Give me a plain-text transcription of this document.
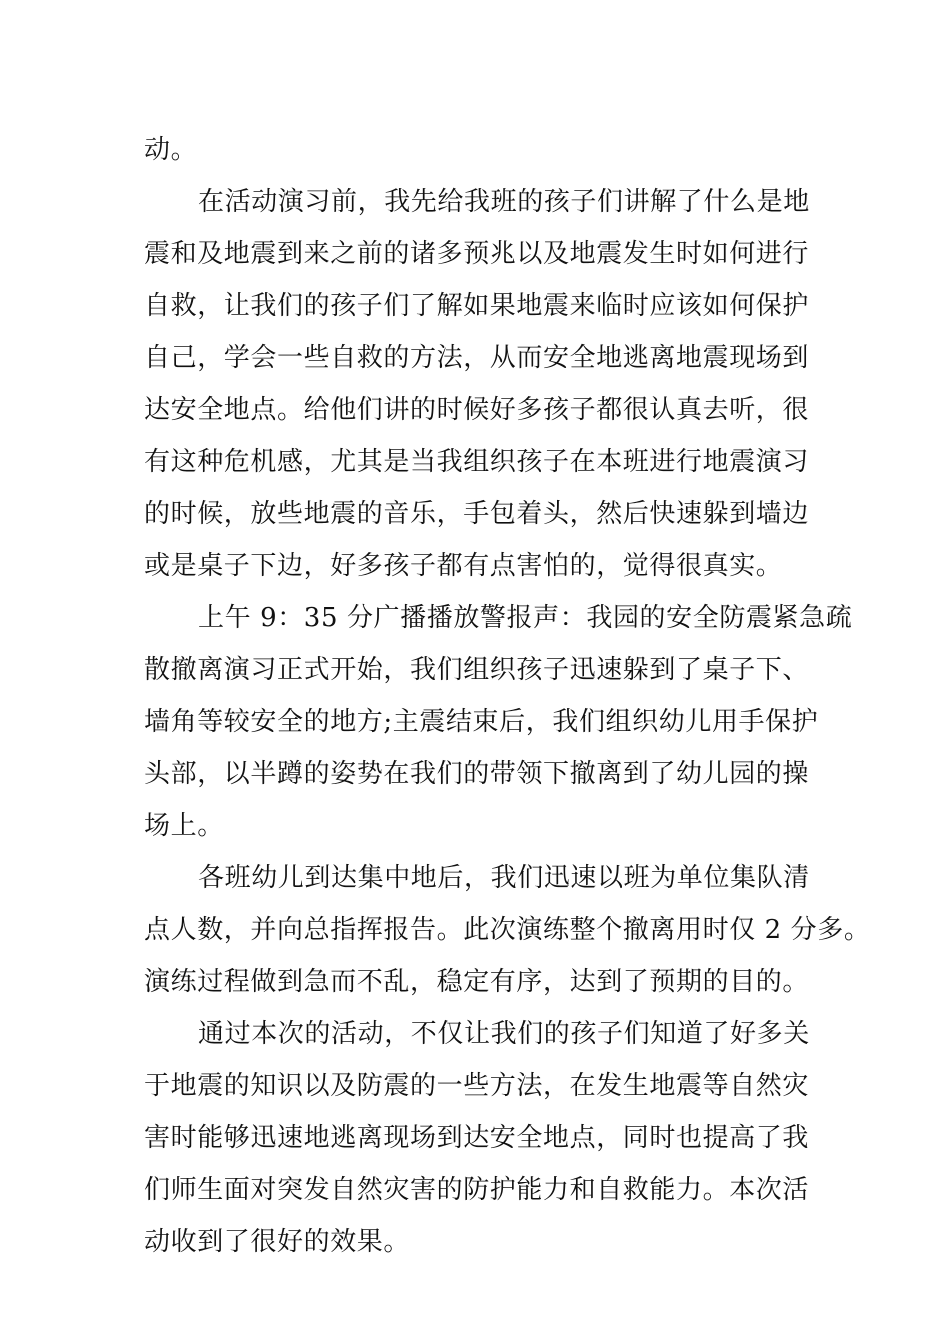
动。
在活动演习前，我先给我班的孩子们讲解了什么是地
震和及地震到来之前的诸多预兆以及地震发生时如何进行
自救，让我们的孩子们了解如果地震来临时应该如何保护
自己，学会一些自救的方法，从而安全地逃离地震现场到
达安全地点。给他们讲的时候好多孩子都很认真去听，很
有这种危机感，尤其是当我组织孩子在本班进行地震演习
的时候，放些地震的音乐，手包着头，然后快速躲到墙边
或是桌子下边，好多孩子都有点害怕的，觉得很真实。
上午 9：35 分广播播放警报声：我园的安全防震紧急疏
散撤离演习正式开始，我们组织孩子迅速躲到了桌子下、
墙角等较安全的地方;主震结束后，我们组织幼儿用手保护
头部，以半蹲的姿势在我们的带领下撤离到了幼儿园的操
场上。
各班幼儿到达集中地后，我们迅速以班为单位集队清
点人数，并向总指挥报告。此次演练整个撤离用时仅 2 分多。
演练过程做到急而不乱，稳定有序，达到了预期的目的。
通过本次的活动，不仅让我们的孩子们知道了好多关
于地震的知识以及防震的一些方法，在发生地震等自然灾
害时能够迅速地逃离现场到达安全地点，同时也提高了我
们师生面对突发自然灾害的防护能力和自救能力。本次活
动收到了很好的效果。
